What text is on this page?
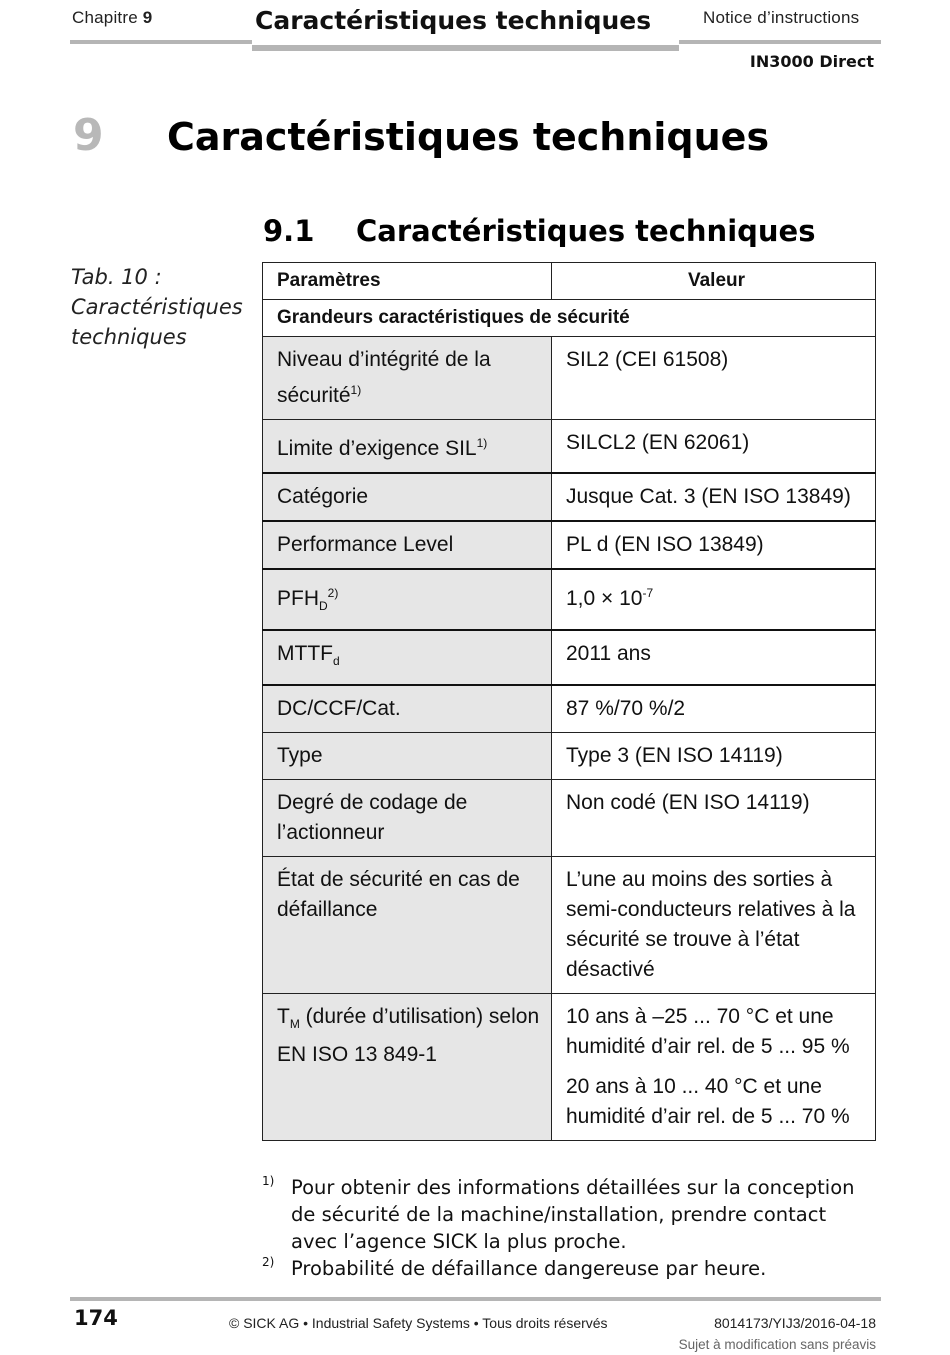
Chapitre 9	Caractéristiques techniques	Notice d’instructions
IN3000 Direct
9 Caractéristiques techniques
9.1 Caractéristiques techniques
Tab. 10 :
Caractéristiques techniques
Paramètres	Valeur
Grandeurs caractéristiques de sécurité	
Niveau d’intégrité de la sécurité$^{1)}$	SIL2 (CEI 61508)
Limite d’exigence SIL$^{1)}$	SILCL2 (EN 62061)
Catégorie	Jusque Cat. 3 (EN ISO 13849)
Performance Level	PL d (EN ISO 13849)
$PFH_D^{2)}$	$1,0 \times 10^{-7}$
$MTTF_d$	2011 ans
DC/CCF/Cat.	87 %/70 %/2
Type	Type 3 (EN ISO 14119)
Degré de codage de l’actionneur	Non codé (EN ISO 14119)
État de sécurité en cas de défaillance	L’une au moins des sorties à semi-conducteurs relatives à la sécurité se trouve à l’état désactivé
$T_M$ (durée d’utilisation) selon EN ISO 13 849-1	10 ans à –25 ... 70 °C et une humidité d’air rel. de 5 ... 95 %
20 ans à 10 ... 40 °C et une humidité d’air rel. de 5 ... 70 %
1) Pour obtenir des informations détaillées sur la conception de sécurité de la machine/installation, prendre contact avec l’agence SICK la plus proche.
2) Probabilité de défaillance dangereuse par heure.
174	© SICK AG • Industrial Safety Systems • Tous droits réservés	8014173/YIJ3/2016-04-18
Sujet à modification sans préavis
